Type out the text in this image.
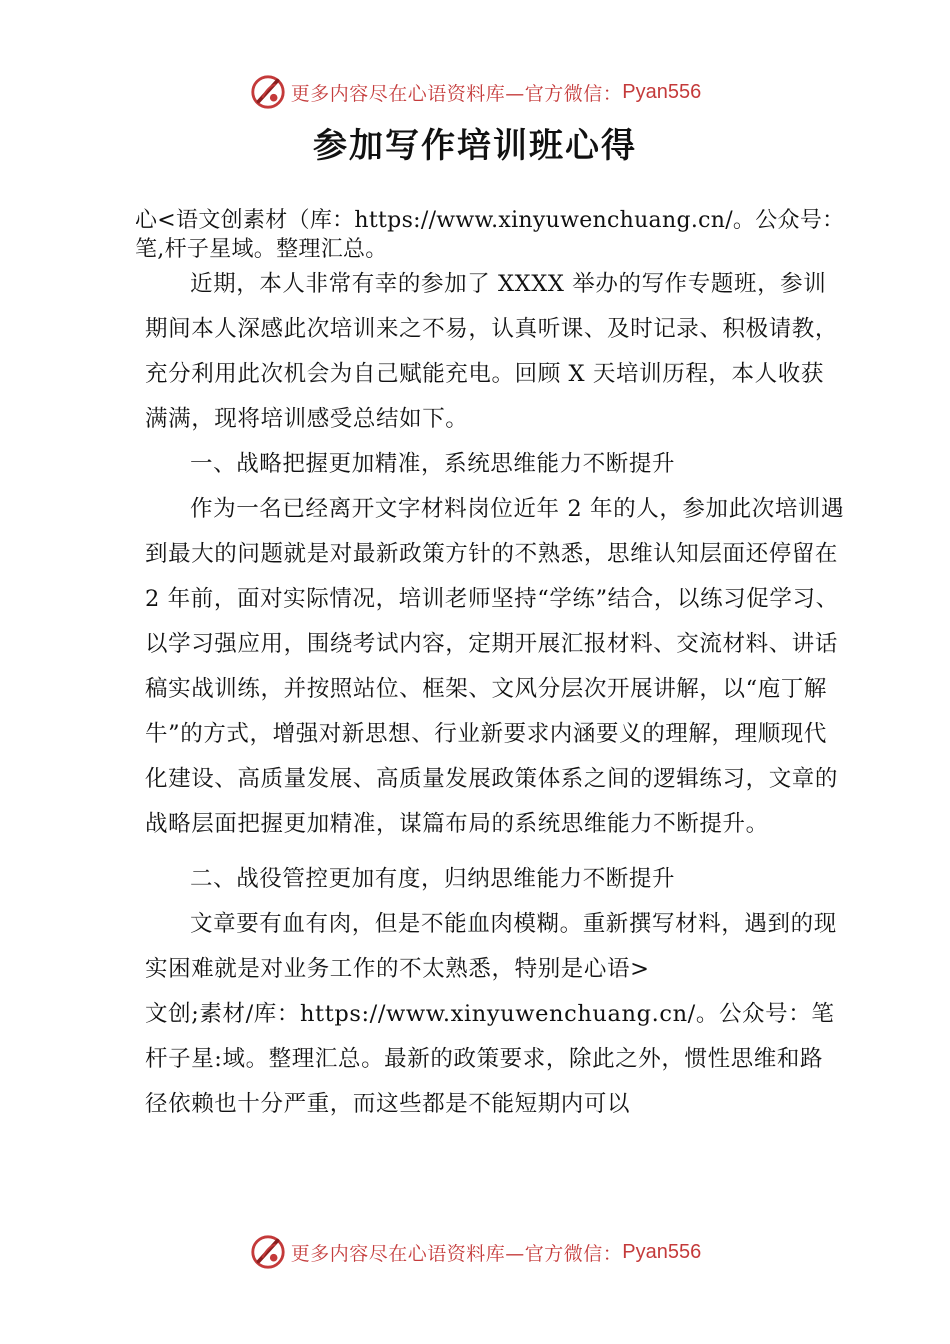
更多内容尽在心语资料库—官方微信： Pyan556
参加写作培训班心得
心<语文创素材（库：https://www.xinyuwenchuang.cn/。公众号：笔,杆子星域。整理汇总。

近期，本人非常有幸的参加了 XXXX 举办的写作专题班，参训期间本人深感此次培训来之不易，认真听课、及时记录、积极请教，充分利用此次机会为自己赋能充电。回顾 X 天培训历程，本人收获满满，现将培训感受总结如下。

一、战略把握更加精准，系统思维能力不断提升

作为一名已经离开文字材料岗位近年 2 年的人，参加此次培训遇到最大的问题就是对最新政策方针的不熟悉，思维认知层面还停留在 2 年前，面对实际情况，培训老师坚持“学练”结合，以练习促学习、以学习强应用，围绕考试内容，定期开展汇报材料、交流材料、讲话稿实战训练，并按照站位、框架、文风分层次开展讲解，以“庖丁解牛”的方式，增强对新思想、行业新要求内涵要义的理解，理顺现代化建设、高质量发展、高质量发展政策体系之间的逻辑练习，文章的战略层面把握更加精准，谋篇布局的系统思维能力不断提升。

二、战役管控更加有度，归纳思维能力不断提升

文章要有血有肉，但是不能血肉模糊。重新撰写材料，遇到的现实困难就是对业务工作的不太熟悉，特别是心语>

文创;素材/库：https://www.xinyuwenchuang.cn/。公众号：笔杆子星:域。整理汇总。最新的政策要求，除此之外，惯性思维和路径依赖也十分严重，而这些都是不能短期内可以

更多内容尽在心语资料库—官方微信： Pyan556
